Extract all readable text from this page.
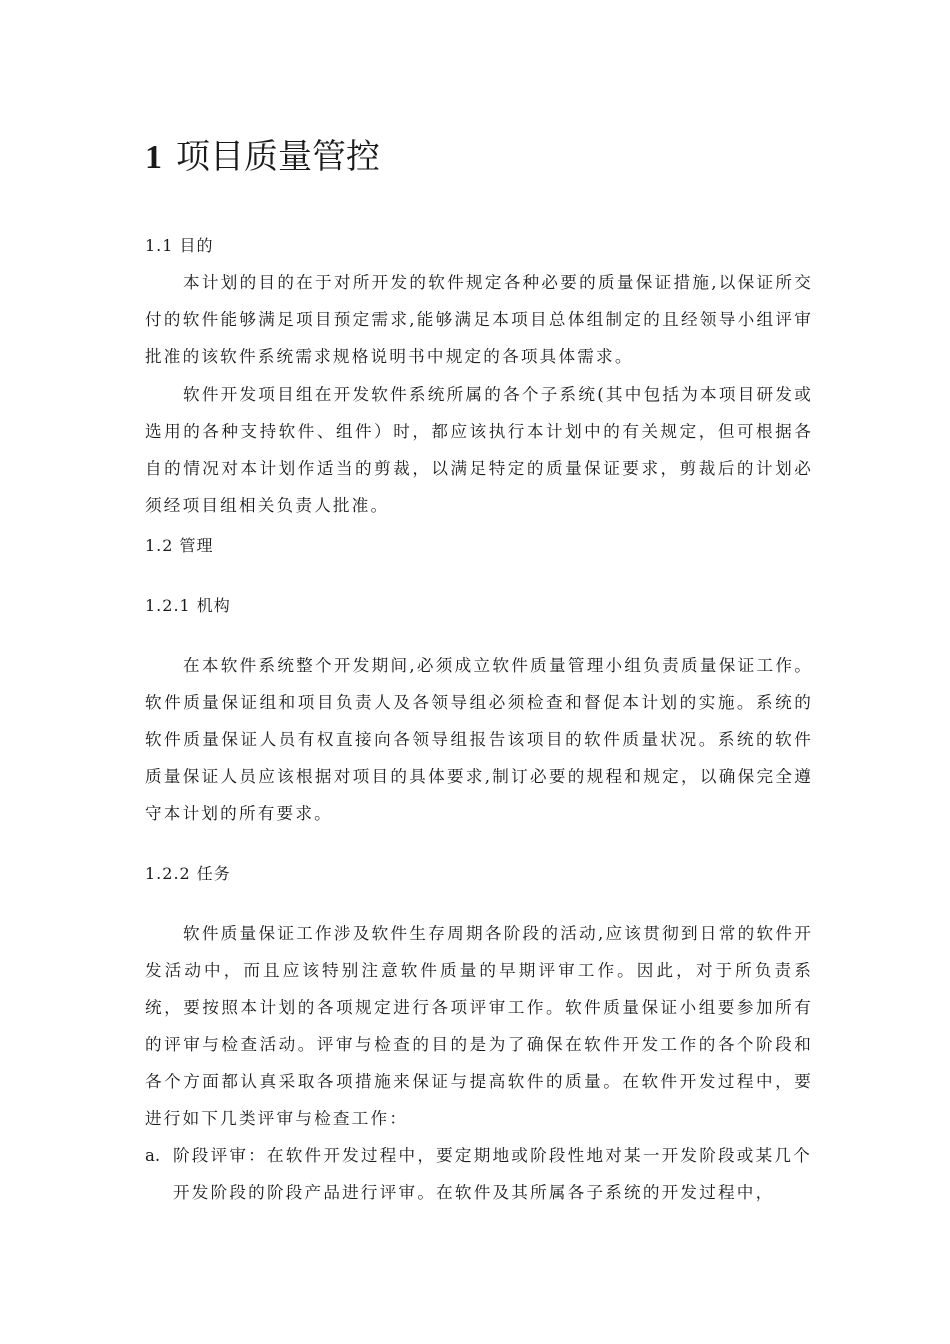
1 项目质量管控

1.1 目的

本计划的目的在于对所开发的软件规定各种必要的质量保证措施,以保证所交付的软件能够满足项目预定需求,能够满足本项目总体组制定的且经领导小组评审批准的该软件系统需求规格说明书中规定的各项具体需求。

软件开发项目组在开发软件系统所属的各个子系统(其中包括为本项目研发或选用的各种支持软件、组件）时，都应该执行本计划中的有关规定，但可根据各自的情况对本计划作适当的剪裁，以满足特定的质量保证要求，剪裁后的计划必须经项目组相关负责人批准。

1.2 管理

1.2.1 机构

在本软件系统整个开发期间,必须成立软件质量管理小组负责质量保证工作。软件质量保证组和项目负责人及各领导组必须检查和督促本计划的实施。系统的软件质量保证人员有权直接向各领导组报告该项目的软件质量状况。系统的软件质量保证人员应该根据对项目的具体要求,制订必要的规程和规定，以确保完全遵守本计划的所有要求。

1.2.2 任务

软件质量保证工作涉及软件生存周期各阶段的活动,应该贯彻到日常的软件开发活动中，而且应该特别注意软件质量的早期评审工作。因此，对于所负责系统，要按照本计划的各项规定进行各项评审工作。软件质量保证小组要参加所有的评审与检查活动。评审与检查的目的是为了确保在软件开发工作的各个阶段和各个方面都认真采取各项措施来保证与提高软件的质量。在软件开发过程中，要进行如下几类评审与检查工作：

a. 阶段评审：在软件开发过程中，要定期地或阶段性地对某一开发阶段或某几个开发阶段的阶段产品进行评审。在软件及其所属各子系统的开发过程中，
